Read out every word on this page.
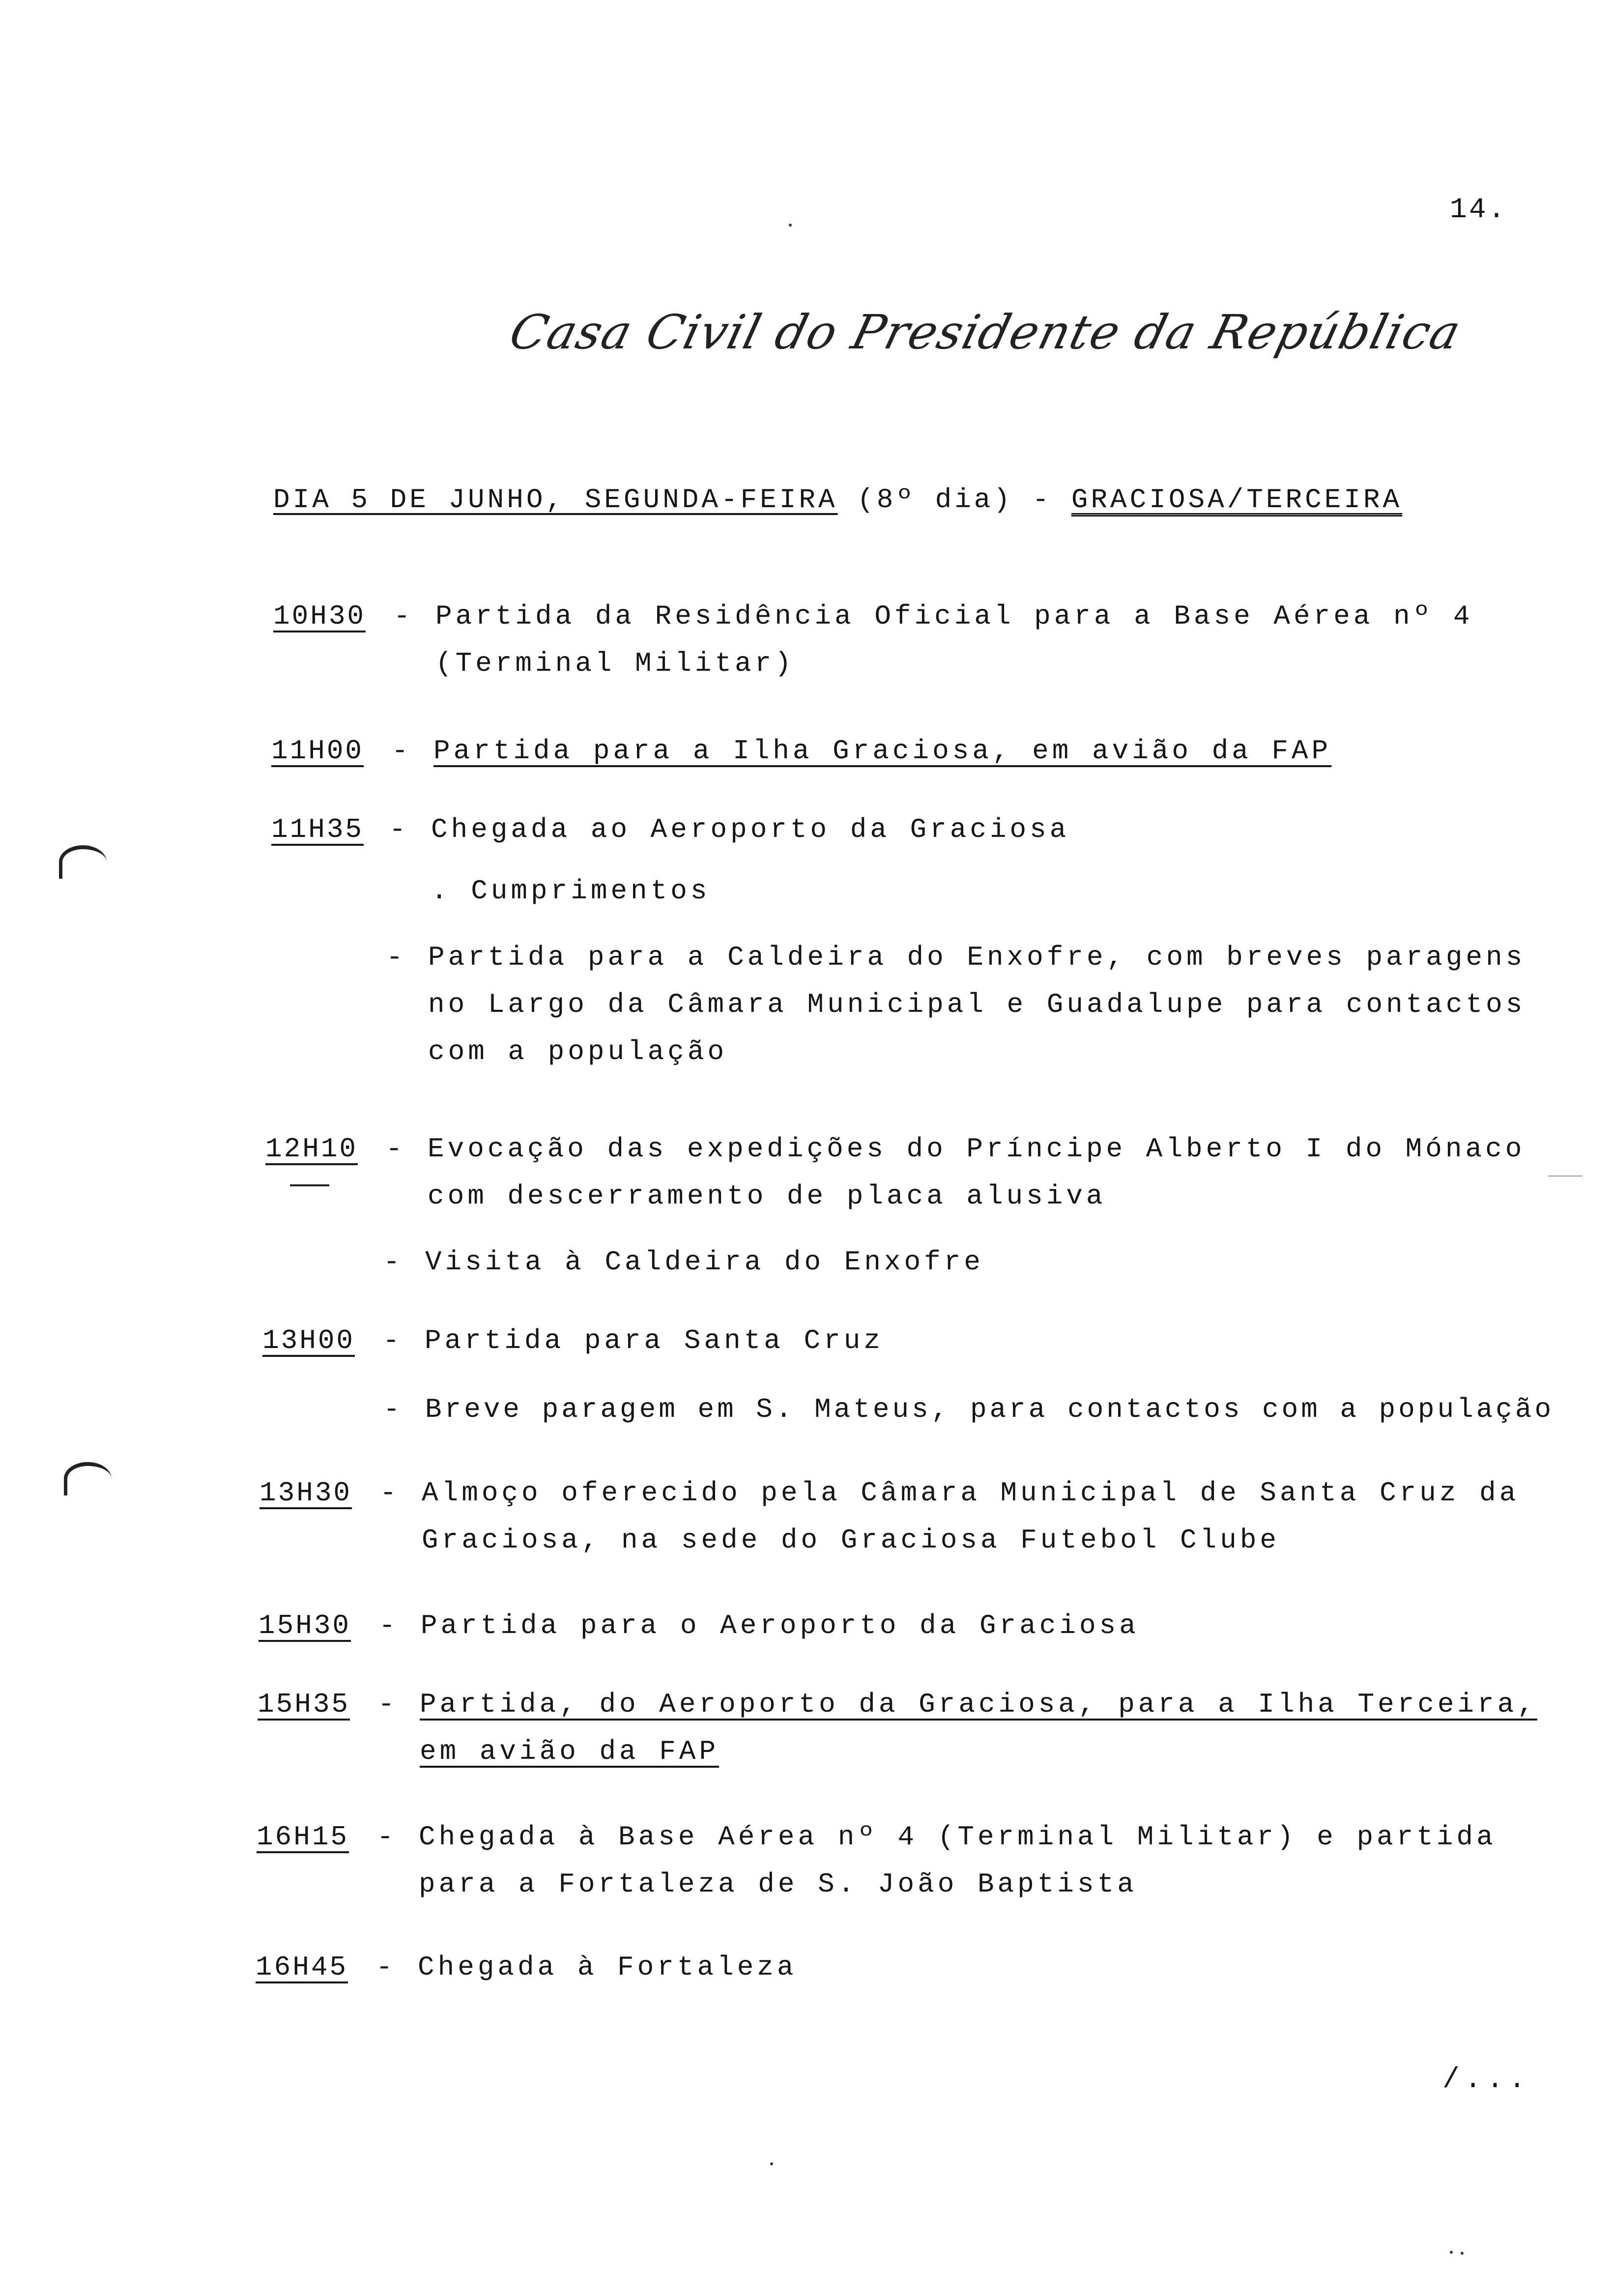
14.
Casa Civil do Presidente da República
DIA 5 DE JUNHO, SEGUNDA-FEIRA (8º dia) - GRACIOSA/TERCEIRA
10H30 - Partida da Residência Oficial para a Base Aérea nº 4
(Terminal Militar)
11H00 - Partida para a Ilha Graciosa, em avião da FAP
11H35 - Chegada ao Aeroporto da Graciosa
. Cumprimentos
- Partida para a Caldeira do Enxofre, com breves paragens
no Largo da Câmara Municipal e Guadalupe para contactos
com a população
12H10 - Evocação das expedições do Príncipe Alberto I do Mónaco
com descerramento de placa alusiva
- Visita à Caldeira do Enxofre
13H00 - Partida para Santa Cruz
- Breve paragem em S. Mateus, para contactos com a população
13H30 - Almoço oferecido pela Câmara Municipal de Santa Cruz da
Graciosa, na sede do Graciosa Futebol Clube
15H30 - Partida para o Aeroporto da Graciosa
15H35 - Partida, do Aeroporto da Graciosa, para a Ilha Terceira,
em avião da FAP
16H15 - Chegada à Base Aérea nº 4 (Terminal Militar) e partida
para a Fortaleza de S. João Baptista
16H45 - Chegada à Fortaleza
/...
